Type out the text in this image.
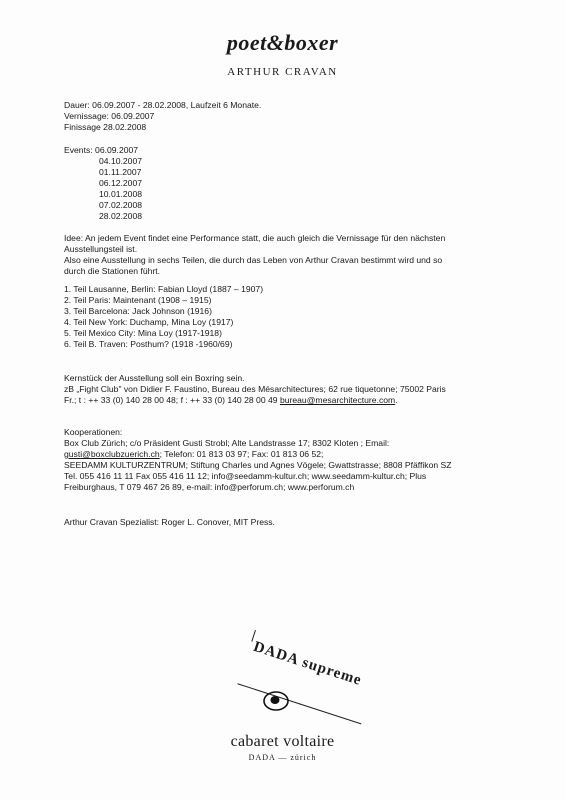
poet&boxer
ARTHUR CRAVAN
Dauer: 06.09.2007 - 28.02.2008, Laufzeit 6 Monate.
Vernissage: 06.09.2007
Finissage 28.02.2008
Events: 06.09.2007
04.10.2007
01.11.2007
06.12.2007
10.01.2008
07.02.2008
28.02.2008
Idee: An jedem Event findet eine Performance statt, die auch gleich die Vernissage für den nächsten
Ausstellungsteil ist.
Also eine Ausstellung in sechs Teilen, die durch das Leben von Arthur Cravan bestimmt wird und so
durch die Stationen führt.
1. Teil Lausanne, Berlin: Fabian Lloyd (1887 – 1907)
2. Teil Paris: Maintenant (1908 – 1915)
3. Teil Barcelona: Jack Johnson (1916)
4. Teil New York: Duchamp, Mina Loy (1917)
5. Teil Mexico City: Mina Loy (1917-1918)
6. Teil B. Traven: Posthum? (1918 -1960/69)
Kernstück der Ausstellung soll ein Boxring sein.
zB „Fight Club" von Didier F. Faustino, Bureau des Mésarchitectures; 62 rue tiquetonne; 75002 Paris
Fr.; t : ++ 33 (0) 140 28 00 48; f : ++ 33 (0) 140 28 00 49 bureau@mesarchitecture.com.
Kooperationen:
Box Club Zürich; c/o Präsident Gusti Strobl; Alte Landstrasse 17; 8302 Kloten ; Email:
gusti@boxclubzuerich.ch; Telefon: 01 813 03 97; Fax: 01 813 06 52;
SEEDAMM KULTURZENTRUM; Stiftung Charles und Agnes Vögele; Gwattstrasse; 8808 Pfäffikon SZ
Tel. 055 416 11 11 Fax 055 416 11 12; info@seedamm-kultur.ch; www.seedamm-kultur.ch; Plus
Freiburghaus, T 079 467 26 89, e-mail: info@perforum.ch; www.perforum.ch
Arthur Cravan Spezialist: Roger L. Conover, MIT Press.
DADA supreme
cabaret voltaire
DADA — zürich
